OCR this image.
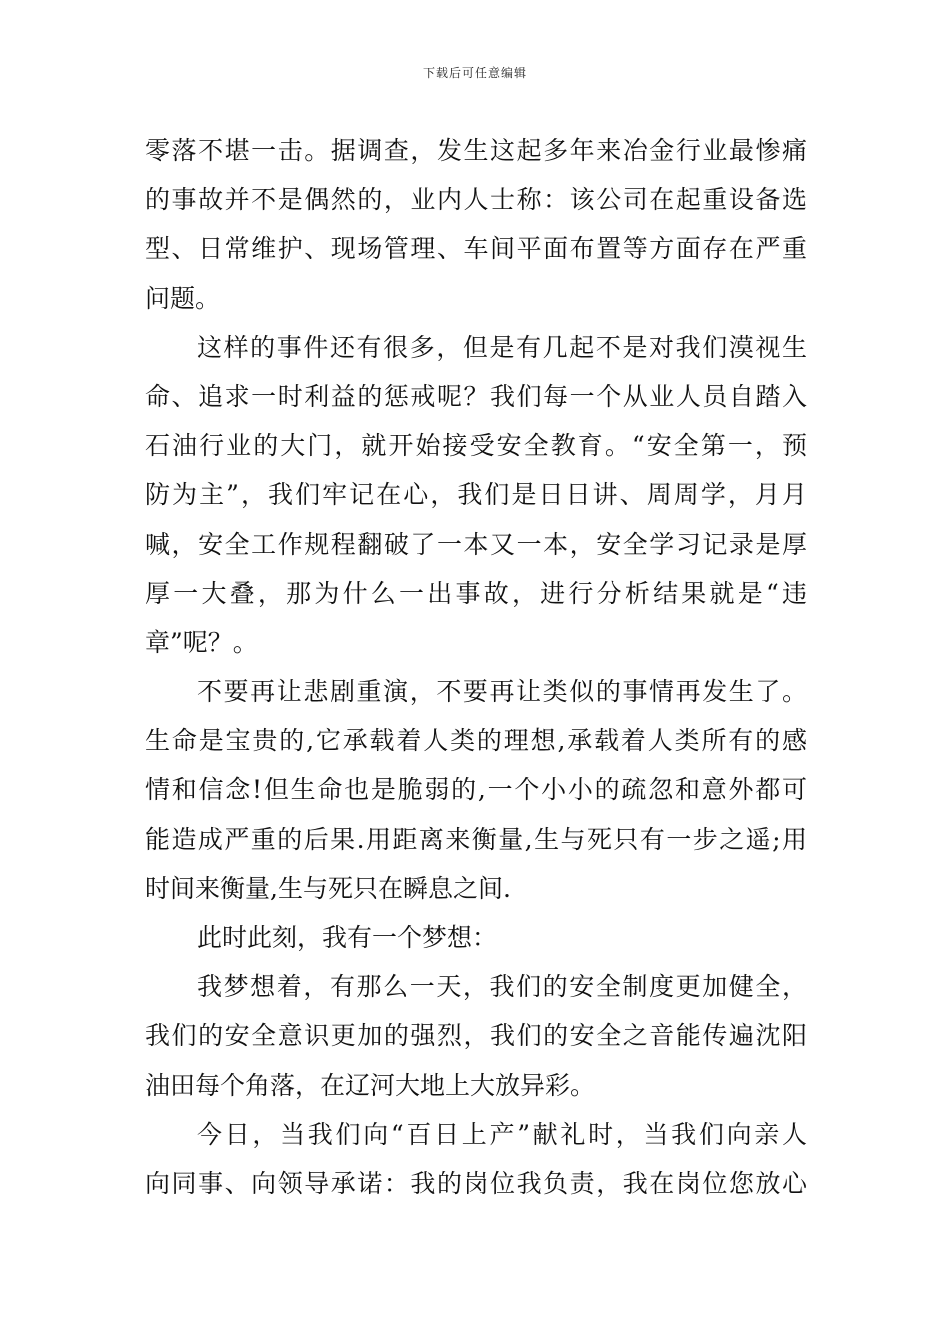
下载后可任意编辑
零落不堪一击。据调查，发生这起多年来冶金行业最惨痛
的事故并不是偶然的，业内人士称：该公司在起重设备选
型、日常维护、现场管理、车间平面布置等方面存在严重
问题。
这样的事件还有很多，但是有几起不是对我们漠视生
命、追求一时利益的惩戒呢？我们每一个从业人员自踏入
石油行业的大门，就开始接受安全教育。“安全第一，预
防为主”，我们牢记在心，我们是日日讲、周周学，月月
喊，安全工作规程翻破了一本又一本，安全学习记录是厚
厚一大叠，那为什么一出事故，进行分析结果就是“违
章”呢？。
不要再让悲剧重演，不要再让类似的事情再发生了。
生命是宝贵的,它承载着人类的理想,承载着人类所有的感
情和信念!但生命也是脆弱的,一个小小的疏忽和意外都可
能造成严重的后果.用距离来衡量,生与死只有一步之遥;用
时间来衡量,生与死只在瞬息之间.
此时此刻，我有一个梦想：
我梦想着，有那么一天，我们的安全制度更加健全，
我们的安全意识更加的强烈，我们的安全之音能传遍沈阳
油田每个角落，在辽河大地上大放异彩。
今日，当我们向“百日上产”献礼时，当我们向亲人
向同事、向领导承诺：我的岗位我负责，我在岗位您放心
